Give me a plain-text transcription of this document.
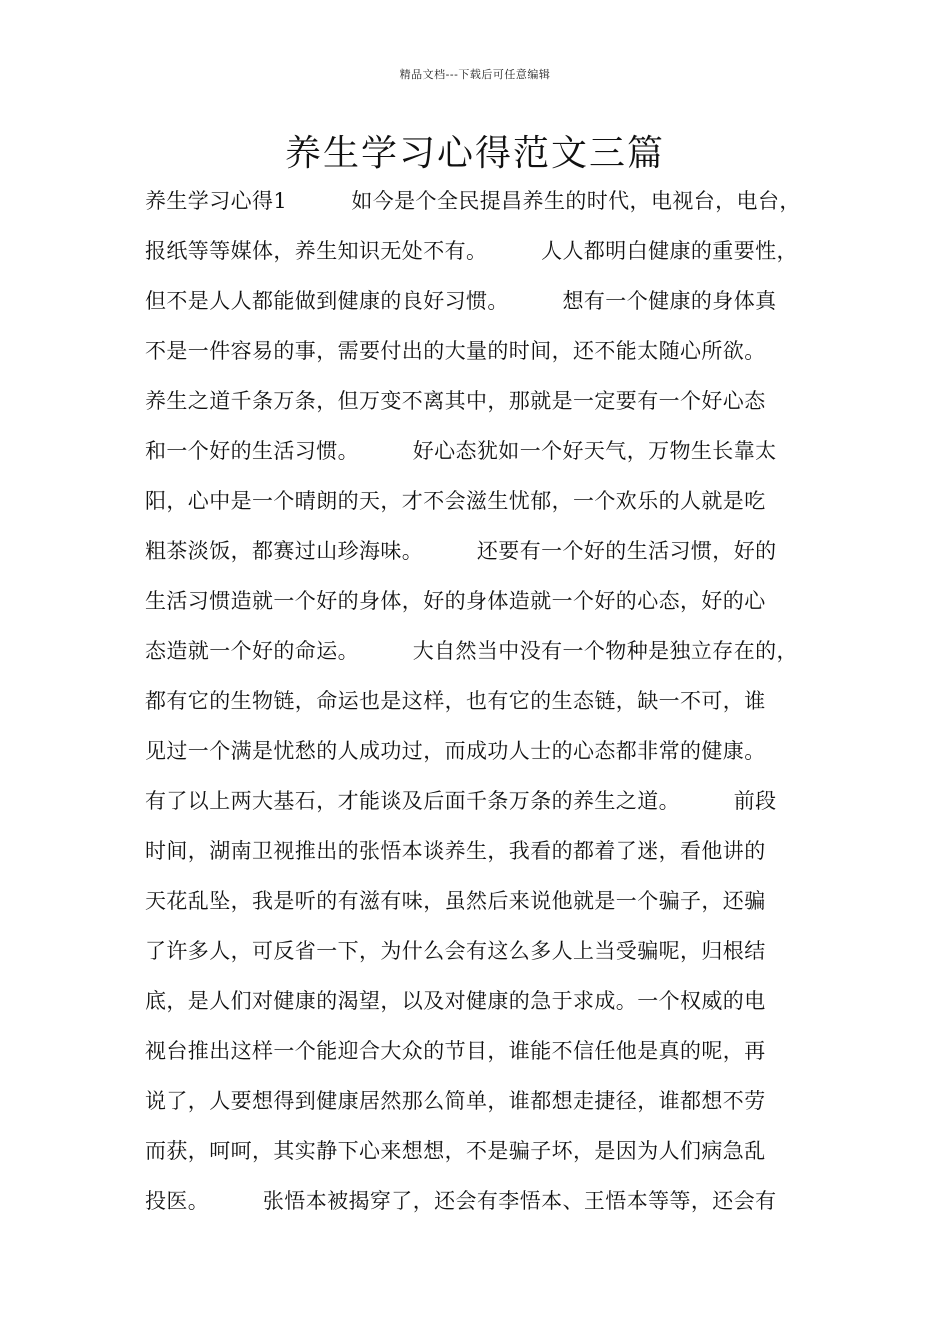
精品文档---下载后可任意编辑
养生学习心得范文三篇
养生学习心得1　　　如今是个全民提昌养生的时代，电视台，电台，
报纸等等媒体，养生知识无处不有。　　　人人都明白健康的重要性，
但不是人人都能做到健康的良好习惯。　　　想有一个健康的身体真
不是一件容易的事，需要付出的大量的时间，还不能太随心所欲。
养生之道千条万条，但万变不离其中，那就是一定要有一个好心态
和一个好的生活习惯。　　　好心态犹如一个好天气，万物生长靠太
阳，心中是一个晴朗的天，才不会滋生忧郁，一个欢乐的人就是吃
粗茶淡饭，都赛过山珍海味。　　　还要有一个好的生活习惯，好的
生活习惯造就一个好的身体，好的身体造就一个好的心态，好的心
态造就一个好的命运。　　　大自然当中没有一个物种是独立存在的，
都有它的生物链，命运也是这样，也有它的生态链，缺一不可，谁
见过一个满是忧愁的人成功过，而成功人士的心态都非常的健康。
有了以上两大基石，才能谈及后面千条万条的养生之道。　　　前段
时间，湖南卫视推出的张悟本谈养生，我看的都着了迷，看他讲的
天花乱坠，我是听的有滋有味，虽然后来说他就是一个骗子，还骗
了许多人，可反省一下，为什么会有这么多人上当受骗呢，归根结
底，是人们对健康的渴望，以及对健康的急于求成。一个权威的电
视台推出这样一个能迎合大众的节目，谁能不信任他是真的呢，再
说了，人要想得到健康居然那么简单，谁都想走捷径，谁都想不劳
而获，呵呵，其实静下心来想想，不是骗子坏，是因为人们病急乱
投医。　　　张悟本被揭穿了，还会有李悟本、王悟本等等，还会有
